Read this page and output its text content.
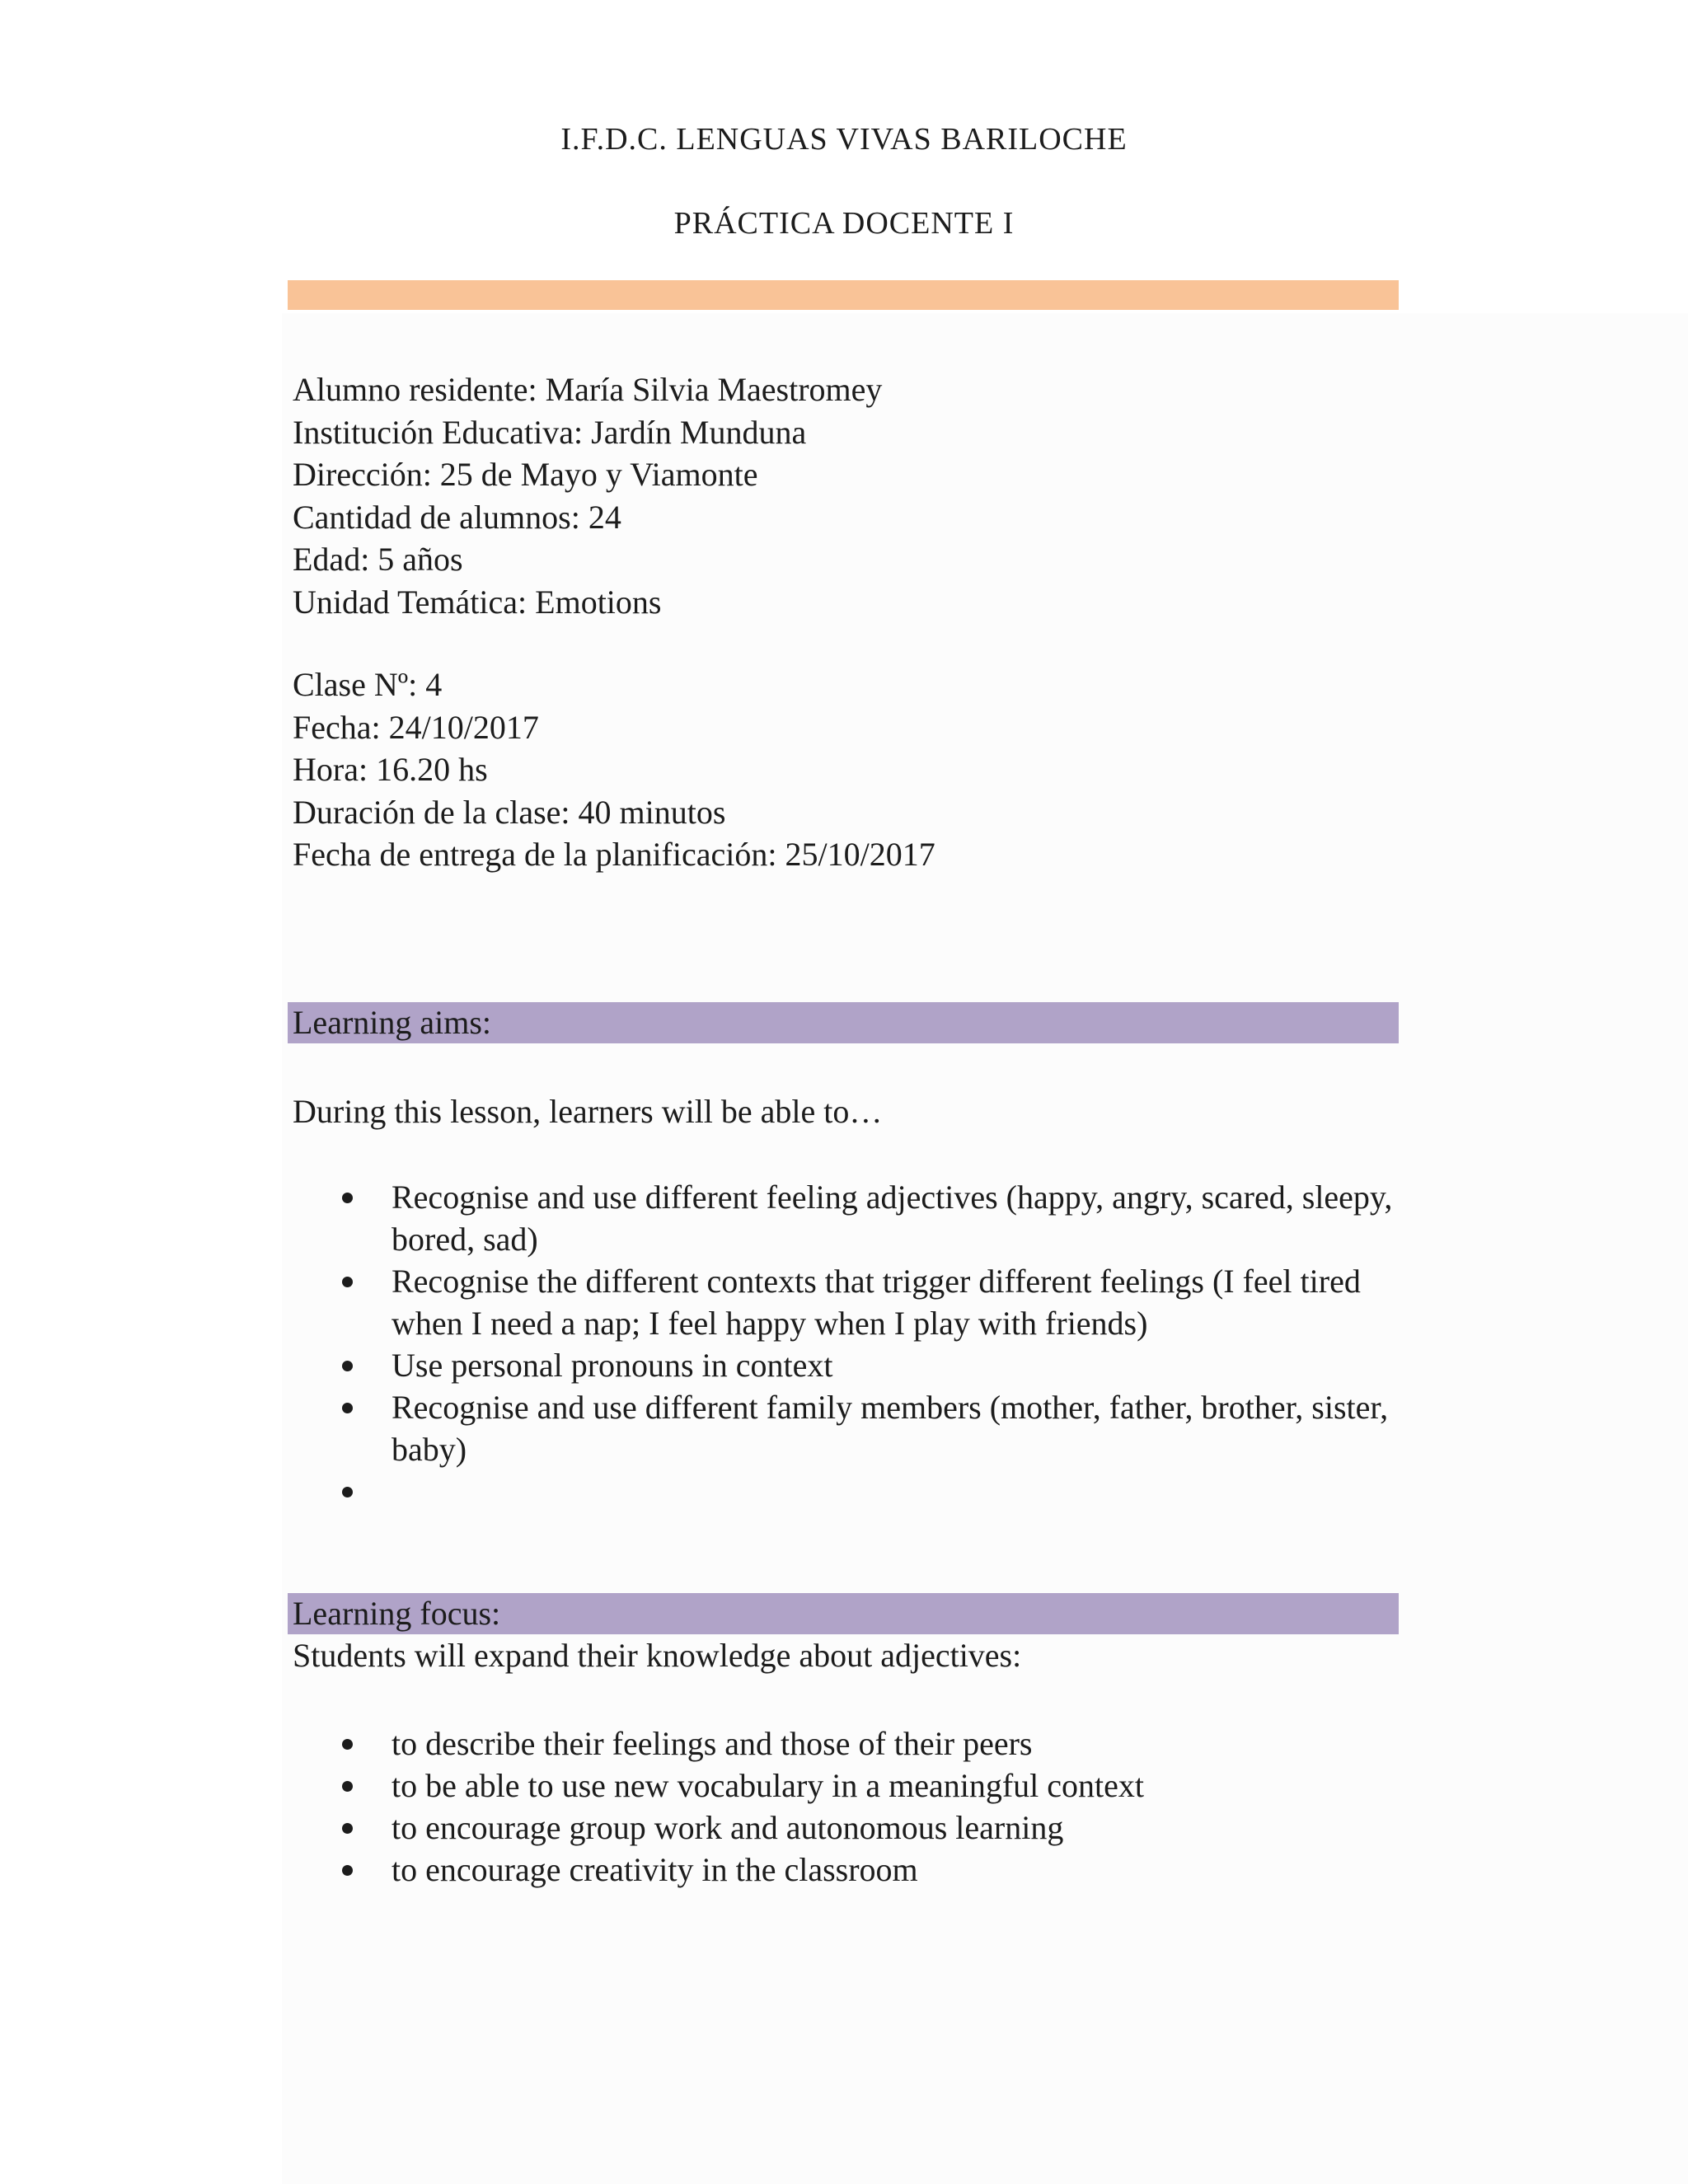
I.F.D.C. LENGUAS VIVAS BARILOCHE
PRÁCTICA DOCENTE I
Alumno residente: María Silvia Maestromey
Institución Educativa: Jardín Munduna
Dirección: 25 de Mayo y Viamonte
Cantidad de alumnos: 24
Edad: 5 años
Unidad Temática: Emotions
Clase Nº: 4
Fecha: 24/10/2017
Hora: 16.20 hs
Duración de la clase: 40 minutos
Fecha de entrega de la planificación: 25/10/2017
Learning aims:
During this lesson, learners will be able to…
Recognise and use different feeling adjectives (happy, angry, scared, sleepy, bored, sad)
Recognise the different contexts that trigger different feelings (I feel tired when I need a nap; I feel happy when I play with friends)
Use personal pronouns in context
Recognise and use different family members (mother, father, brother, sister, baby)
Learning focus:
Students will expand their knowledge about adjectives:
to describe their feelings and those of their peers
to be able to use new vocabulary in a meaningful context
to encourage group work and autonomous learning
to encourage creativity in the classroom
